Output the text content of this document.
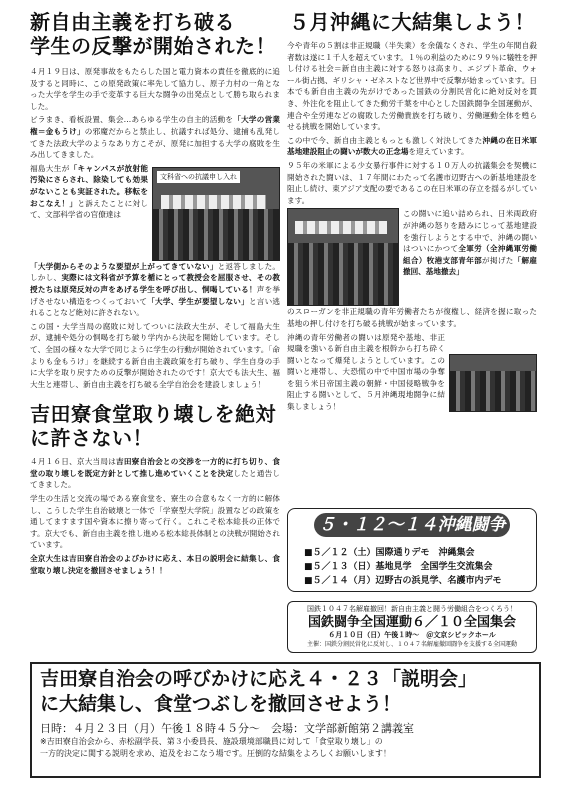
新自由主義を打ち破る
学生の反撃が開始された！

４月１９日は、原発事故をもたらした国と電力資本の責任を徹底的に追及すると同時に、この原発政策に率先して協力し、原子力村の一角となった大学を学生の手で変革する巨大な闘争の出発点として勝ち取られました。

ビラまき、看板設置、集会…あらゆる学生の自主的活動を「大学の営業権＝金もうけ」の邪魔だからと禁止し、抗議すれば処分、逮捕も乱発してきた法政大学のようなあり方こそが、原発に加担する大学の腐敗を生み出してきました。

福島大生が「キャンパスが放射能汚染にさらされ、除染しても効果がないことも実証された。移転をおこなえ！」と訴えたことに対して、文部科学省の官僚達は

文科省への抗議申し入れ

「大学側からそのような要望が上がってきていない」と返答しました。しかし、実際には文科省が予算を楯にとって教授会を屈服させ、その教授たちは原発反対の声をあげる学生を呼び出し、恫喝している！声を挙げさせない構造をつくっておいて「大学、学生が要望しない」と言い逃れることなど絶対に許されない。

この国・大学当局の腐敗に対してついに法政大生が、そして福島大生が、逮捕や処分の恫喝を打ち破り学内から決起を開始しています。そして、全国の様々な大学で同じように学生の行動が開始されています。「命よりも金もうけ」を継続する新自由主義政策を打ち破り、学生自身の手に大学を取り戻すための反撃が開始されたのです！京大でも法大生、福大生と連帯し、新自由主義を打ち破る全学自治会を建設しましょう！

吉田寮食堂取り壊しを絶対
に許さない！

４月１６日、京大当局は吉田寮自治会との交渉を一方的に打ち切り、食堂の取り壊しを既定方針として推し進めていくことを決定したと通告してきました。

学生の生活と交流の場である寮食堂を、寮生の合意もなく一方的に解体し、こうした学生自治破壊と一体で「学寮型大学院」設置などの政策を通してますます国や資本に擦り寄って行く。これこそ松本総長の正体です。京大でも、新自由主義を推し進める松本総長体制との決戦が開始されています。

全京大生は吉田寮自治会のよびかけに応え、本日の説明会に結集し、食堂取り壊し決定を撤回させましょう！！

５月沖縄に大結集しよう！

今や青年の５割は非正規職（半失業）を余儀なくされ、学生の年間自殺者数は遂に１千人を超えています。１％の利益のために９９％に犠牲を押し付ける社会＝新自由主義に対する怒りは高まり、エジプト革命、ウォール街占拠、ギリシャ・ゼネストなど世界中で反撃が始まっています。日本でも新自由主義の先がけであった国鉄の分割民営化に絶対反対を貫き、外注化を阻止してきた動労千葉を中心とした国鉄闘争全国運動が、連合や全労連などの腐敗した労働貴族を打ち破り、労働運動全体を甦らせる挑戦を開始しています。

この中で今、新自由主義ともっとも激しく対決してきた沖縄の在日米軍基地建設阻止の闘いが数大の正念場を迎えています。

９５年の米軍による少女暴行事件に対する１０万人の抗議集会を契機に開始された闘いは、１７年間にわたって名護市辺野古への新基地建設を阻止し続け、東アジア支配の要であるこの在日米軍の存立を揺るがしています。

この闘いに追い詰められ、日米両政府が沖縄の怒りを踏みにじって基地建設を強行しようとする中で、沖縄の闘いはついにかつて全軍労（全沖縄軍労働組合）牧港支部青年部が掲げた「解雇撤回、基地撤去」

のスローガンを非正規職の青年労働者たちが復権し、経済を握に取った基地の押し付けを打ち破る挑戦が始まっています。

沖縄の青年労働者の闘いは原発や基地、非正規職を強いる新自由主義を根幹から打ち砕く闘いとなって爆発しようとしています。この闘いと連帯し、大恐慌の中で中国市場の争奪を狙う米日帝国主義の朝鮮・中国侵略戦争を阻止する闘いとして、５月沖縄現地闘争に結集しましょう！

５・１２〜１４沖縄闘争
■５／１２（土）国際通りデモ　沖縄集会
■５／１３（日）基地見学　全国学生交流集会
■５／１４（月）辺野古の浜見学、名護市内デモ
国鉄１０４７名解雇撤回！新自由主義と闘う労働組合をつくろう！
国鉄闘争全国運動６／１０全国集会
６月１０日（日）午後１時〜　＠文京シビックホール
主催：国鉄分割民営化に反対し、１０４７名解雇撤回闘争を支援する全国運動
吉田寮自治会の呼びかけに応え４・２３「説明会」
に大結集し、食堂つぶしを撤回させよう！
日時：４月２３日（月）午後１８時４５分〜　会場：文学部新館第２講義室
※吉田寮自治会から、赤松副学長、第３小委員長、施設環境部職員に対して「食堂取り壊し」の
一方的決定に関する説明を求め、追及をおこなう場です。圧倒的な結集をよろしくお願いします！
